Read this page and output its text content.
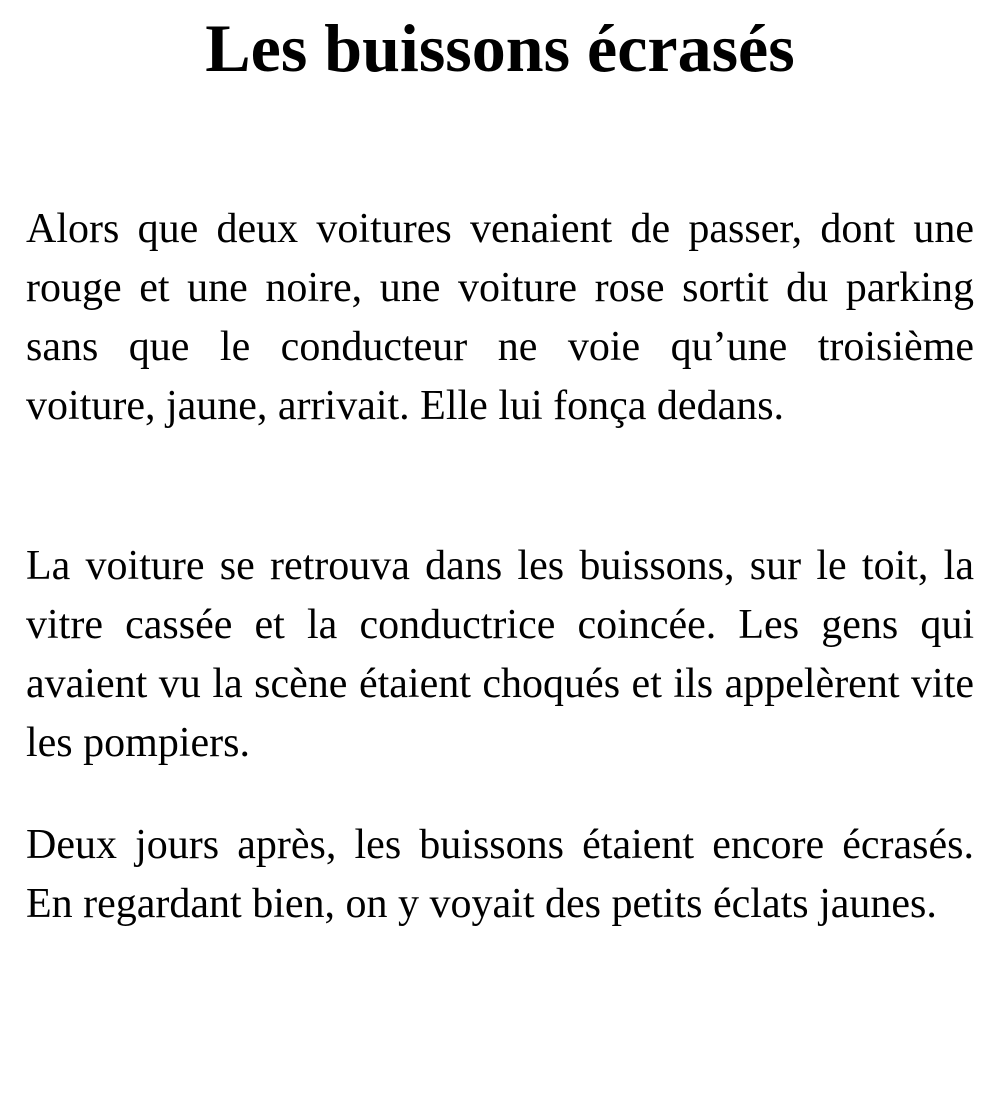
Les buissons écrasés

Alors que deux voitures venaient de passer, dont une rouge et une noire, une voiture rose sortit du parking sans que le conducteur ne voie qu’une troisième voiture, jaune, arrivait. Elle lui fonça dedans.

La voiture se retrouva dans les buissons, sur le toit, la vitre cassée et la conductrice coincée. Les gens qui avaient vu la scène étaient choqués et ils appelèrent vite les pompiers.

Deux jours après, les buissons étaient encore écrasés. En regardant bien, on y voyait des petits éclats jaunes.
